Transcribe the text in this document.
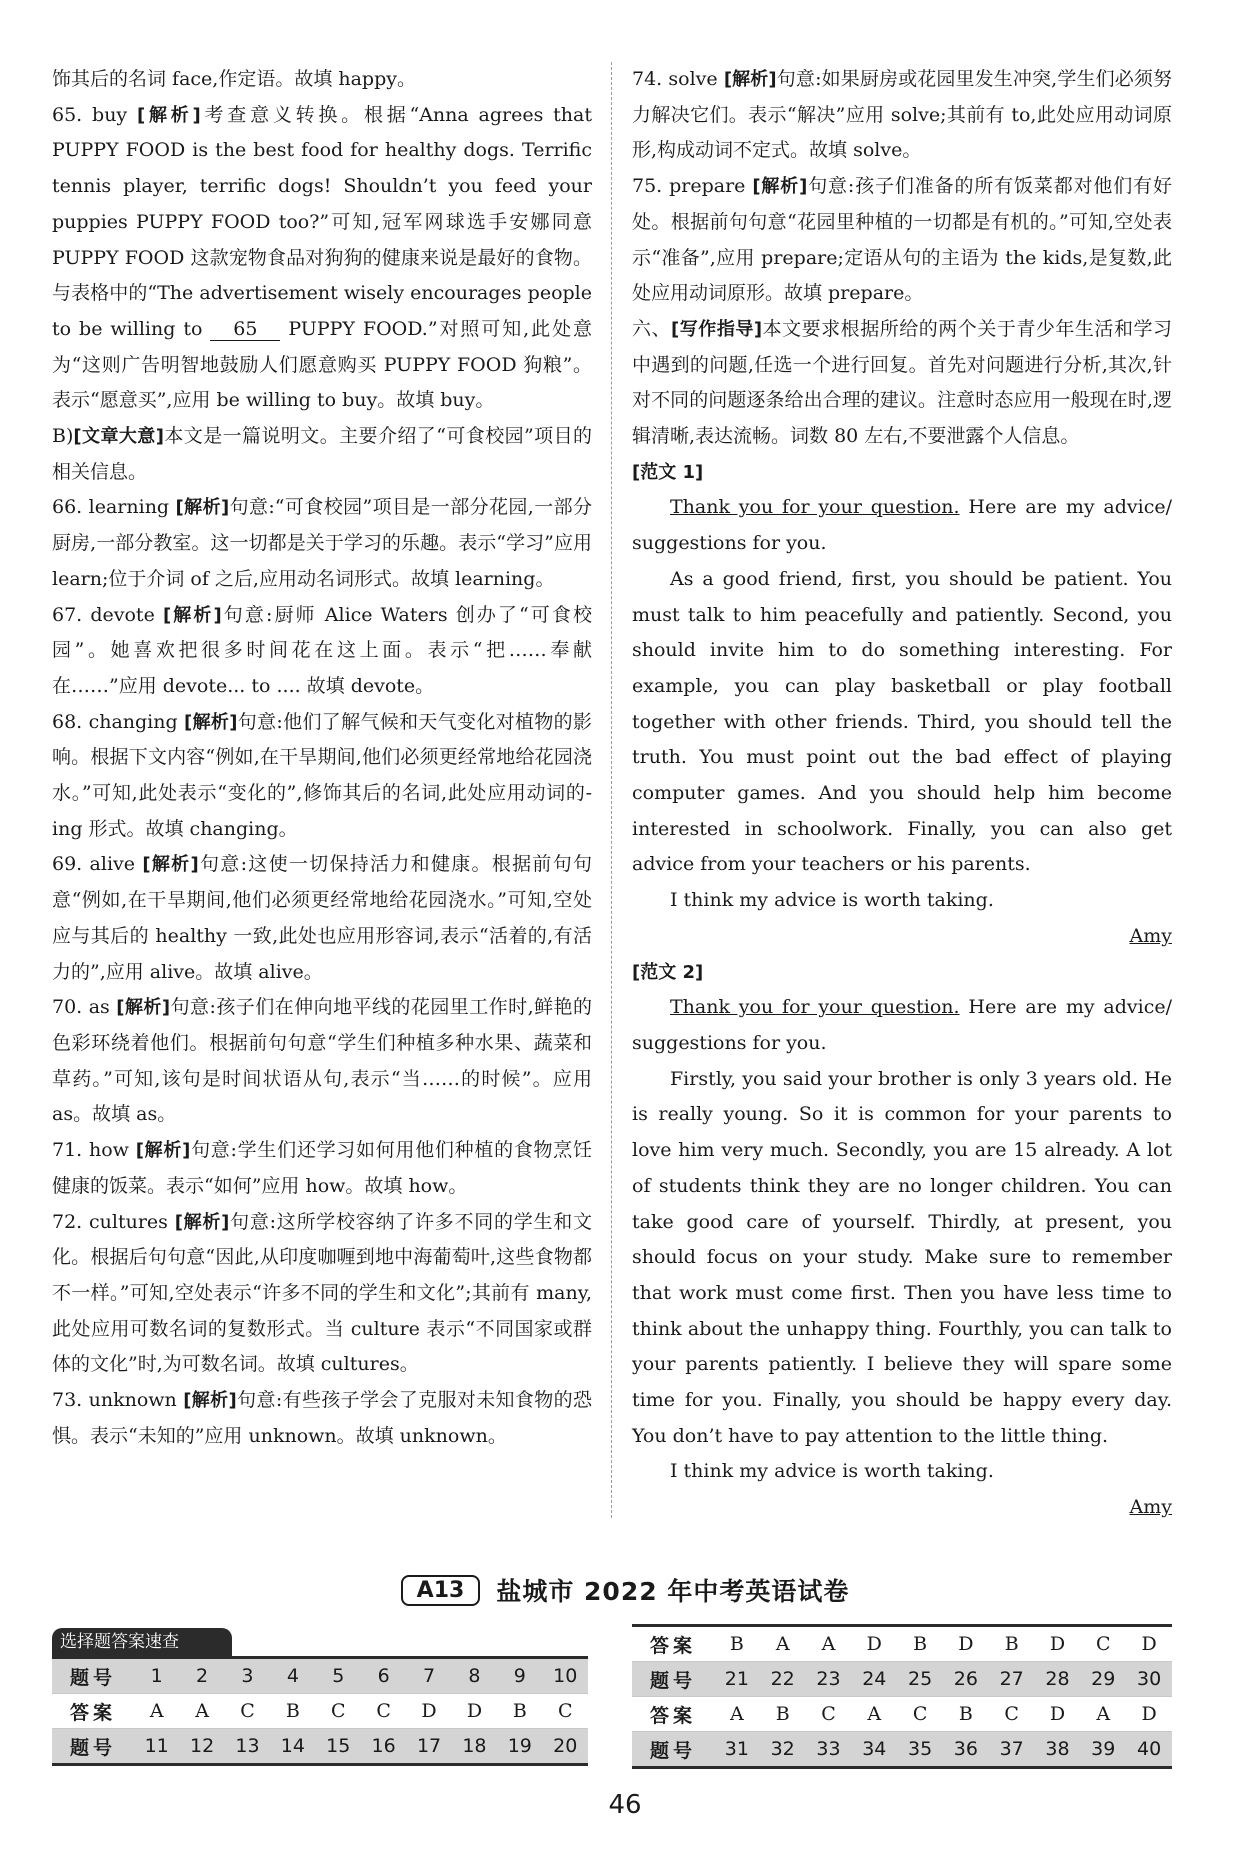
饰其后的名词 face,作定语。故填 happy。

65. buy [解析]考查意义转换。根据“Anna agrees that PUPPY FOOD is the best food for healthy dogs. Terrific tennis player, terrific dogs! Shouldn’t you feed your puppies PUPPY FOOD too?”可知,冠军网球选手安娜同意 PUPPY FOOD 这款宠物食品对狗狗的健康来说是最好的食物。与表格中的“The advertisement wisely encourages people to be willing to 65 PUPPY FOOD.”对照可知,此处意为“这则广告明智地鼓励人们愿意购买 PUPPY FOOD 狗粮”。表示“愿意买”,应用 be willing to buy。故填 buy。

B)[文章大意]本文是一篇说明文。主要介绍了“可食校园”项目的相关信息。

66. learning [解析]句意:“可食校园”项目是一部分花园,一部分厨房,一部分教室。这一切都是关于学习的乐趣。表示“学习”应用 learn;位于介词 of 之后,应用动名词形式。故填 learning。

67. devote [解析]句意:厨师 Alice Waters 创办了“可食校园”。她喜欢把很多时间花在这上面。表示“把……奉献在……”应用 devote... to .... 故填 devote。

68. changing [解析]句意:他们了解气候和天气变化对植物的影响。根据下文内容“例如,在干旱期间,他们必须更经常地给花园浇水。”可知,此处表示“变化的”,修饰其后的名词,此处应用动词的-ing 形式。故填 changing。

69. alive [解析]句意:这使一切保持活力和健康。根据前句句意“例如,在干旱期间,他们必须更经常地给花园浇水。”可知,空处应与其后的 healthy 一致,此处也应用形容词,表示“活着的,有活力的”,应用 alive。故填 alive。

70. as [解析]句意:孩子们在伸向地平线的花园里工作时,鲜艳的色彩环绕着他们。根据前句句意“学生们种植多种水果、蔬菜和草药。”可知,该句是时间状语从句,表示“当……的时候”。应用 as。故填 as。

71. how [解析]句意:学生们还学习如何用他们种植的食物烹饪健康的饭菜。表示“如何”应用 how。故填 how。

72. cultures [解析]句意:这所学校容纳了许多不同的学生和文化。根据后句句意“因此,从印度咖喱到地中海葡萄叶,这些食物都不一样。”可知,空处表示“许多不同的学生和文化”;其前有 many,此处应用可数名词的复数形式。当 culture 表示“不同国家或群体的文化”时,为可数名词。故填 cultures。

73. unknown [解析]句意:有些孩子学会了克服对未知食物的恐惧。表示“未知的”应用 unknown。故填 unknown。

74. solve [解析]句意:如果厨房或花园里发生冲突,学生们必须努力解决它们。表示“解决”应用 solve;其前有 to,此处应用动词原形,构成动词不定式。故填 solve。

75. prepare [解析]句意:孩子们准备的所有饭菜都对他们有好处。根据前句句意“花园里种植的一切都是有机的。”可知,空处表示“准备”,应用 prepare;定语从句的主语为 the kids,是复数,此处应用动词原形。故填 prepare。

六、[写作指导]本文要求根据所给的两个关于青少年生活和学习中遇到的问题,任选一个进行回复。首先对问题进行分析,其次,针对不同的问题逐条给出合理的建议。注意时态应用一般现在时,逻辑清晰,表达流畅。词数 80 左右,不要泄露个人信息。

[范文 1]

Thank you for your question. Here are my advice/ suggestions for you.

As a good friend, first, you should be patient. You must talk to him peacefully and patiently. Second, you should invite him to do something interesting. For example, you can play basketball or play football together with other friends. Third, you should tell the truth. You must point out the bad effect of playing computer games. And you should help him become interested in schoolwork. Finally, you can also get advice from your teachers or his parents.

I think my advice is worth taking.

Amy

[范文 2]

Thank you for your question. Here are my advice/ suggestions for you.

Firstly, you said your brother is only 3 years old. He is really young. So it is common for your parents to love him very much. Secondly, you are 15 already. A lot of students think they are no longer children. You can take good care of yourself. Thirdly, at present, you should focus on your study. Make sure to remember that work must come first. Then you have less time to think about the unhappy thing. Fourthly, you can talk to your parents patiently. I believe they will spare some time for you. Finally, you should be happy every day. You don’t have to pay attention to the little thing.

I think my advice is worth taking.

Amy

A13	盐城市 2022 年中考英语试卷
选择题答案速查
题号	1	2	3	4	5	6	7	8	9	10
答案	A	A	C	B	C	C	D	D	B	C
题号	11	12	13	14	15	16	17	18	19	20
答案	B	A	A	D	B	D	B	D	C	D
题号	21	22	23	24	25	26	27	28	29	30
答案	A	B	C	A	C	B	C	D	A	D
题号	31	32	33	34	35	36	37	38	39	40
46
